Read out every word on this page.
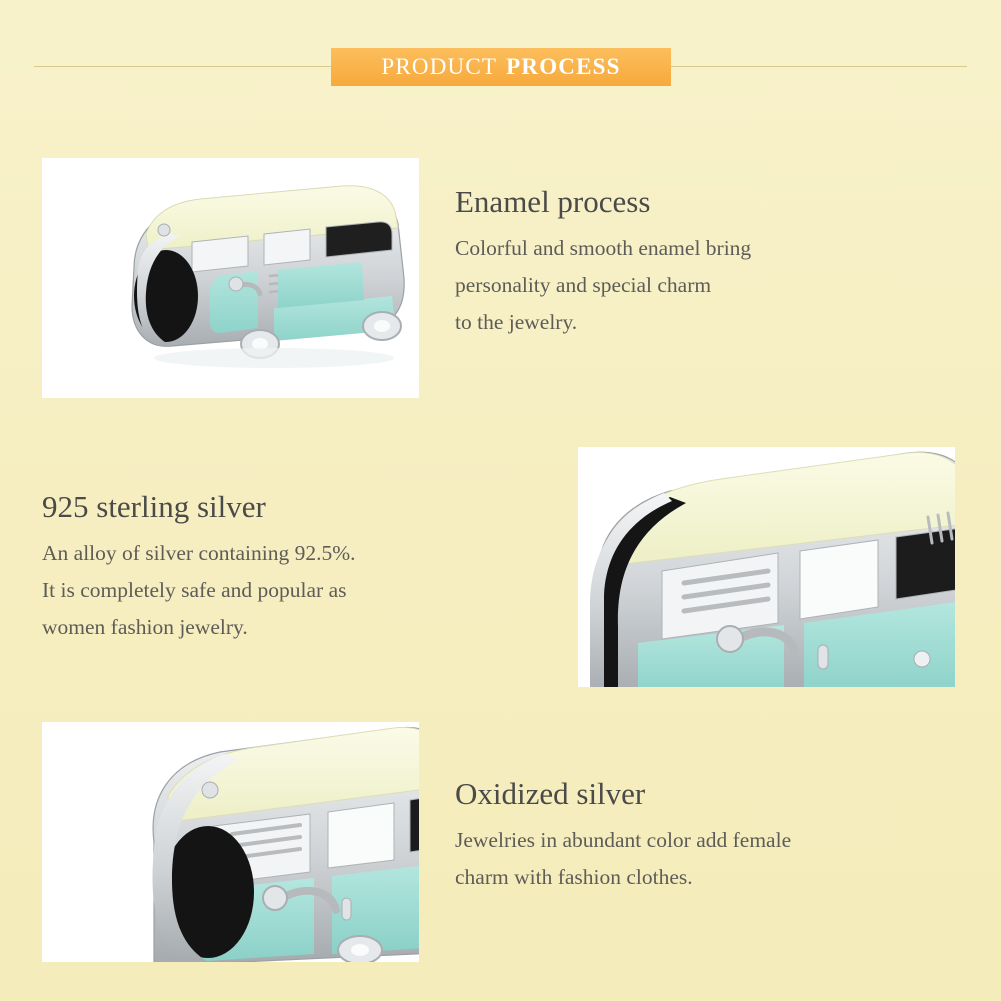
PRODUCT PROCESS
Enamel process
Colorful and smooth enamel bring
personality and special charm
to the jewelry.
925 sterling silver
An alloy of silver containing 92.5%.
It is completely safe and popular as
women fashion jewelry.
Oxidized silver
Jewelries in abundant color add female
charm with fashion clothes.
